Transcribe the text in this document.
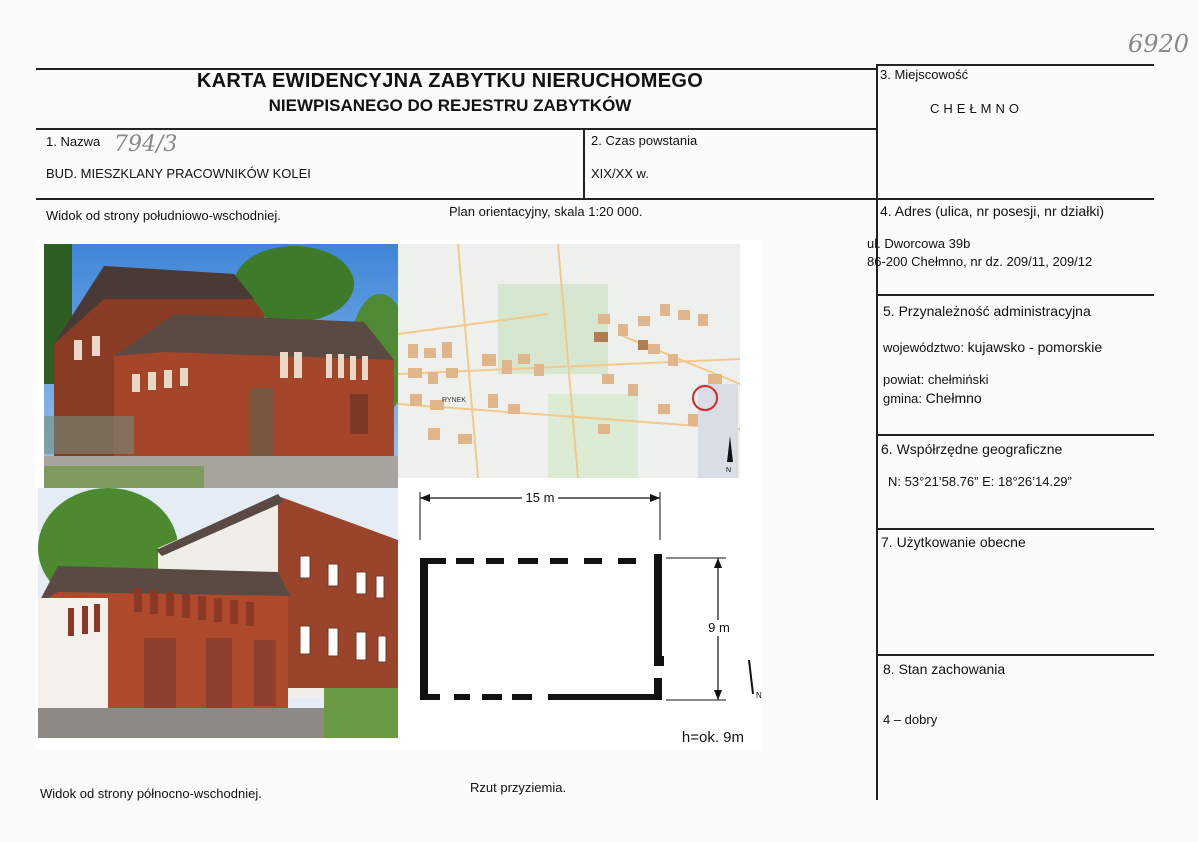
6920
KARTA EWIDENCYJNA ZABYTKU NIERUCHOMEGO
NIEWPISANEGO DO REJESTRU ZABYTKÓW
1. Nazwa 794/3
BUD. MIESZKLANY PRACOWNIKÓW KOLEI
2. Czas powstania
XIX/XX w.
3. Miejscowość
CHEŁMNO
4. Adres (ulica, nr posesji, nr działki)
ul. Dworcowa 39b
86-200 Chełmno, nr dz. 209/11, 209/12
5. Przynależność administracyjna
województwo: kujawsko - pomorskie
powiat: chełmiński
gmina: Chełmno
6. Współrzędne geograficzne
N: 53°21’58.76” E: 18°26’14.29”
7. Użytkowanie obecne
8. Stan zachowania
4 – dobry
Widok od strony południowo-wschodniej.	Plan orientacyjny, skala 1:20 000.
Widok od strony północno-wschodniej.	Rzut przyziemia.
RYNEK
N
15 m
9 m
N
h=ok. 9m
